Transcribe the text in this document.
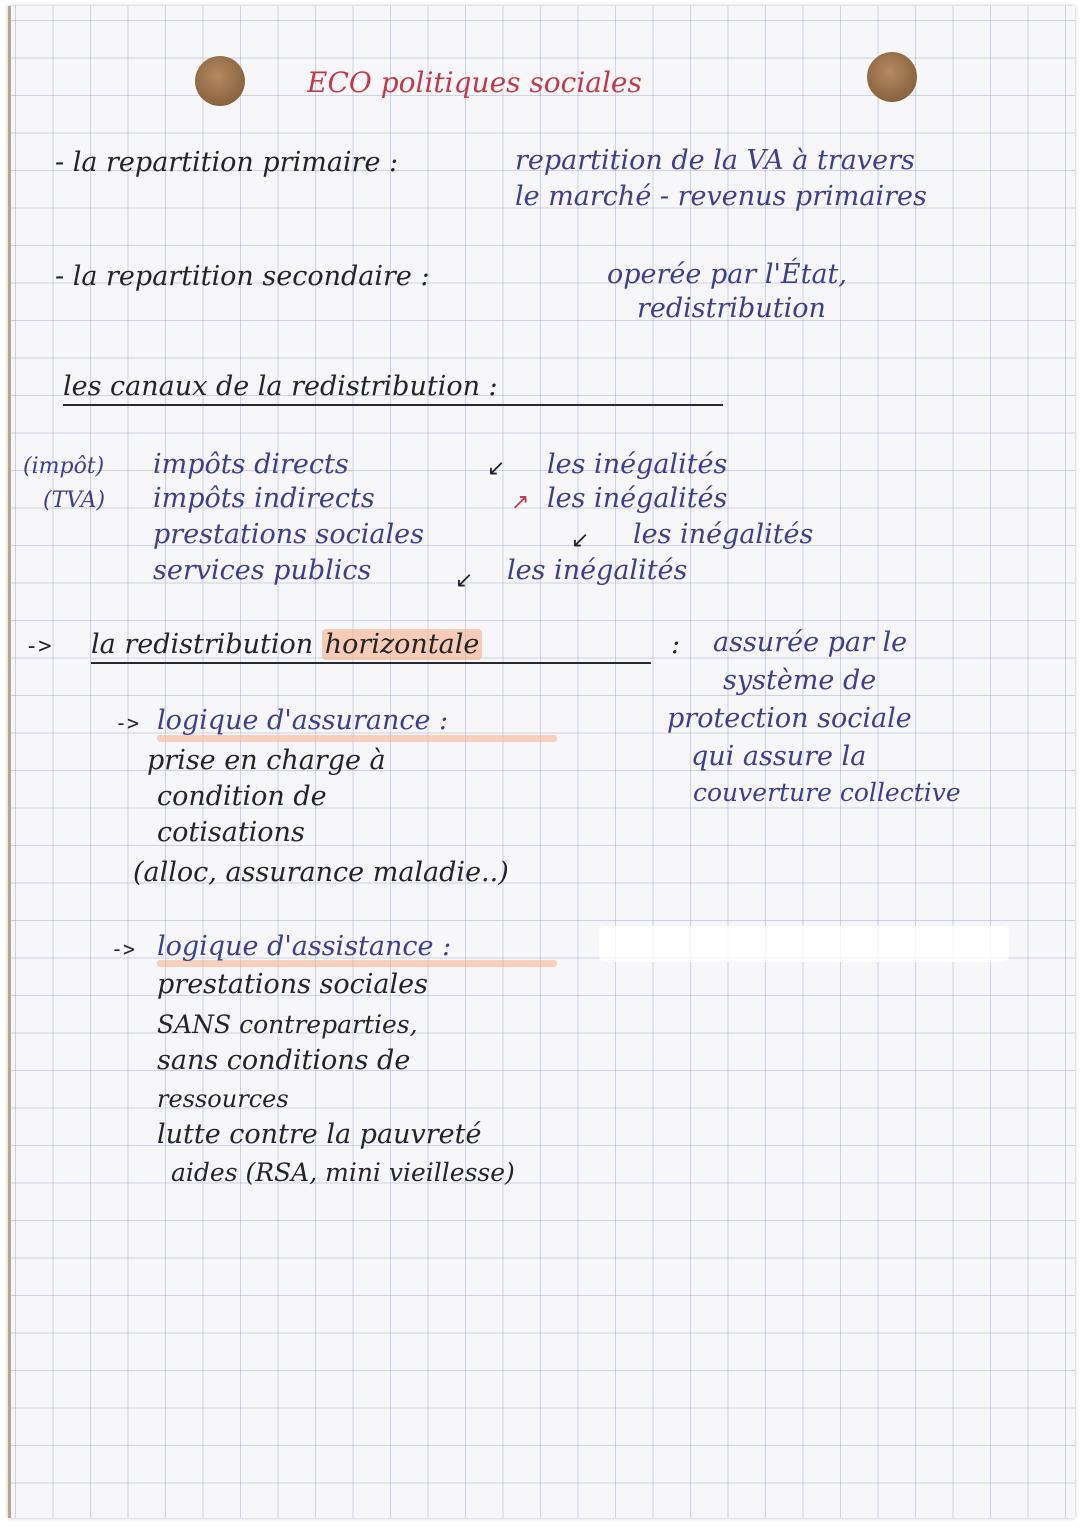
ECO politiques sociales
- la repartition primaire :	repartition de la VA à travers
le marché - revenus primaires
- la repartition secondaire :	operée par l'État,
redistribution
les canaux de la redistribution :
(impôt) impôts directs	↙ les inégalités
(TVA) impôts indirects	↗ les inégalités
prestations sociales	↙ les inégalités
services publics	↙ les inégalités
-> la redistribution horizontale	: assurée par le
système de
protection sociale
qui assure la
couverture collective
-> logique d'assurance :
prise en charge à
condition de
cotisations
(alloc, assurance maladie..)
-> logique d'assistance :
prestations sociales
SANS contreparties,
sans conditions de
ressources
lutte contre la pauvreté
aides (RSA, mini vieillesse)
